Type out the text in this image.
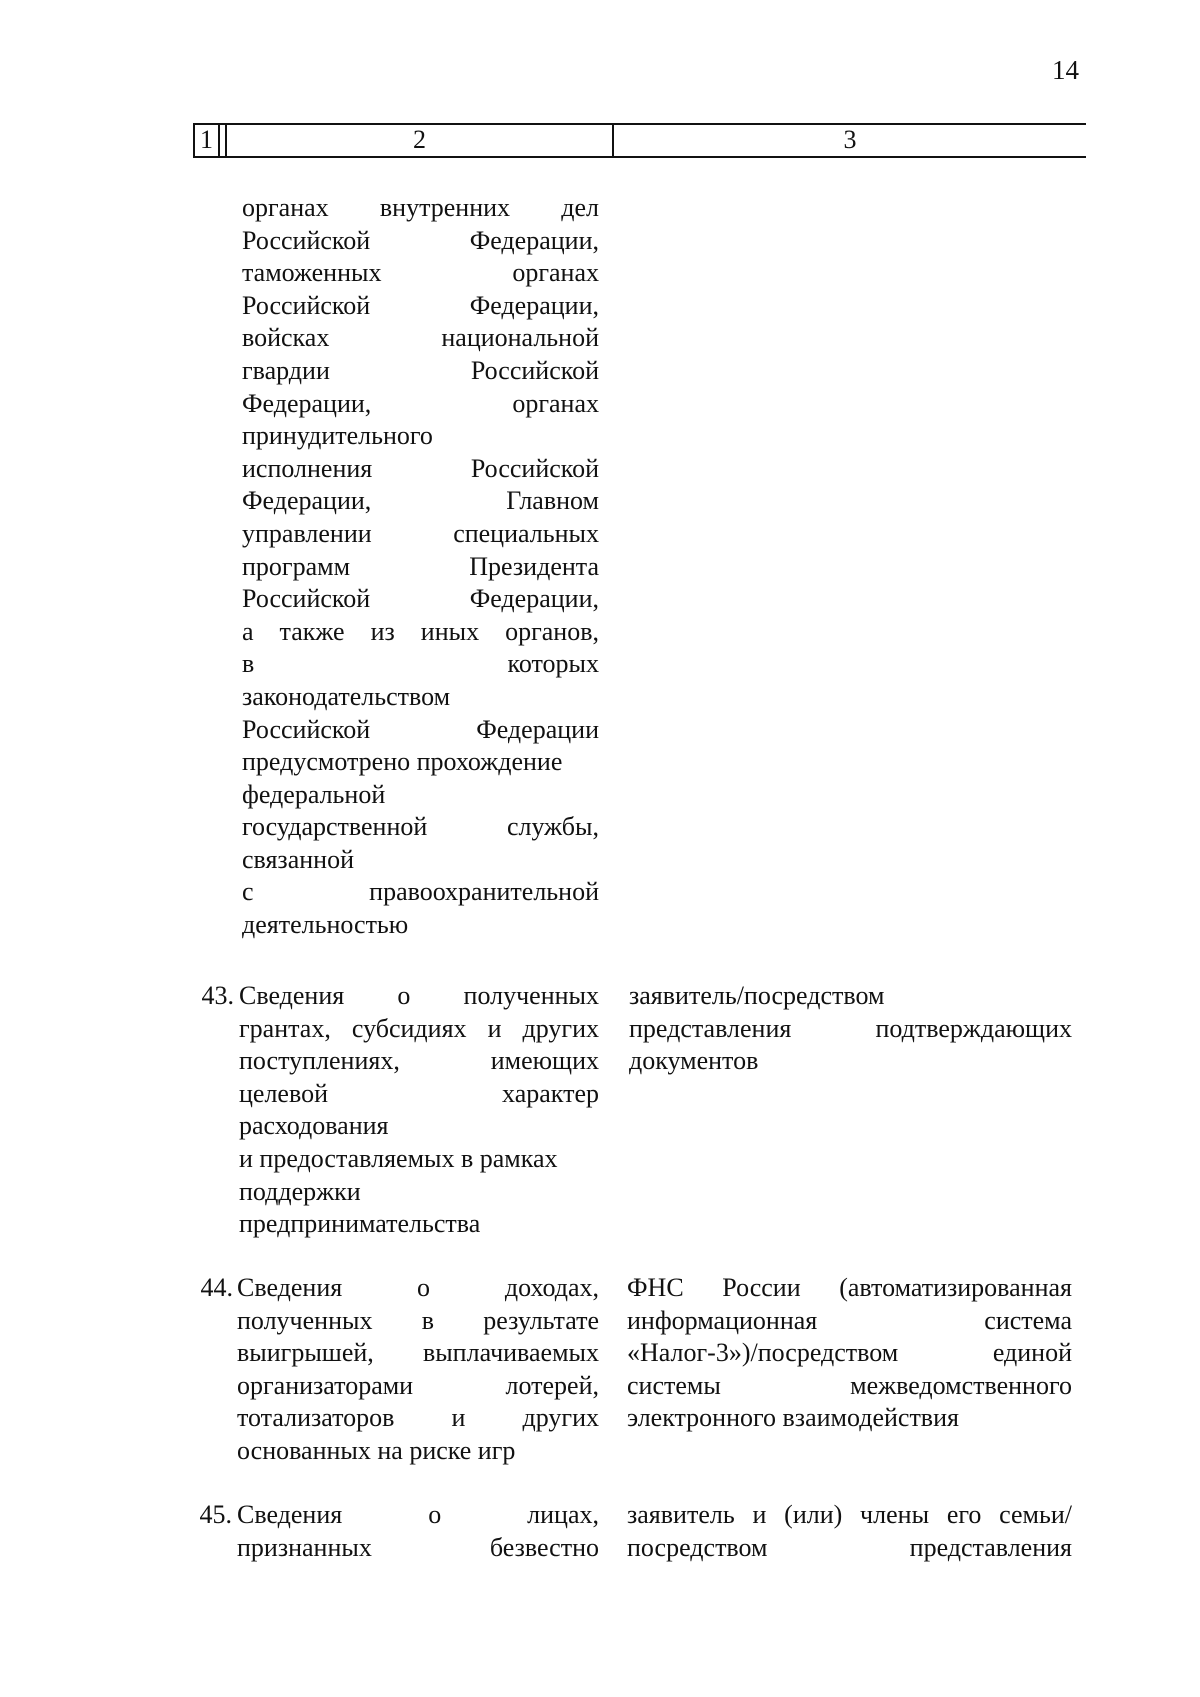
14
1	2	3
органах внутренних дел
Российской Федерации,
таможенных органах
Российской Федерации,
войсках национальной
гвардии Российской
Федерации, органах
принудительного
исполнения Российской
Федерации, Главном
управлении специальных
программ Президента
Российской Федерации,
а также из иных органов,
в которых
законодательством
Российской Федерации
предусмотрено прохождение
федеральной
государственной службы,
связанной
с правоохранительной
деятельностью
43. Сведения о полученных
грантах, субсидиях и других
поступлениях, имеющих
целевой характер
расходования
и предоставляемых в рамках
поддержки
предпринимательства
заявитель/посредством
представления подтверждающих
документов
44. Сведения о доходах,
полученных в результате
выигрышей, выплачиваемых
организаторами лотерей,
тотализаторов и других
основанных на риске игр
ФНС России (автоматизированная
информационная система
«Налог-3»)/посредством единой
системы межведомственного
электронного взаимодействия
45. Сведения о лицах,
признанных безвестно
заявитель и (или) члены его семьи/
посредством представления
